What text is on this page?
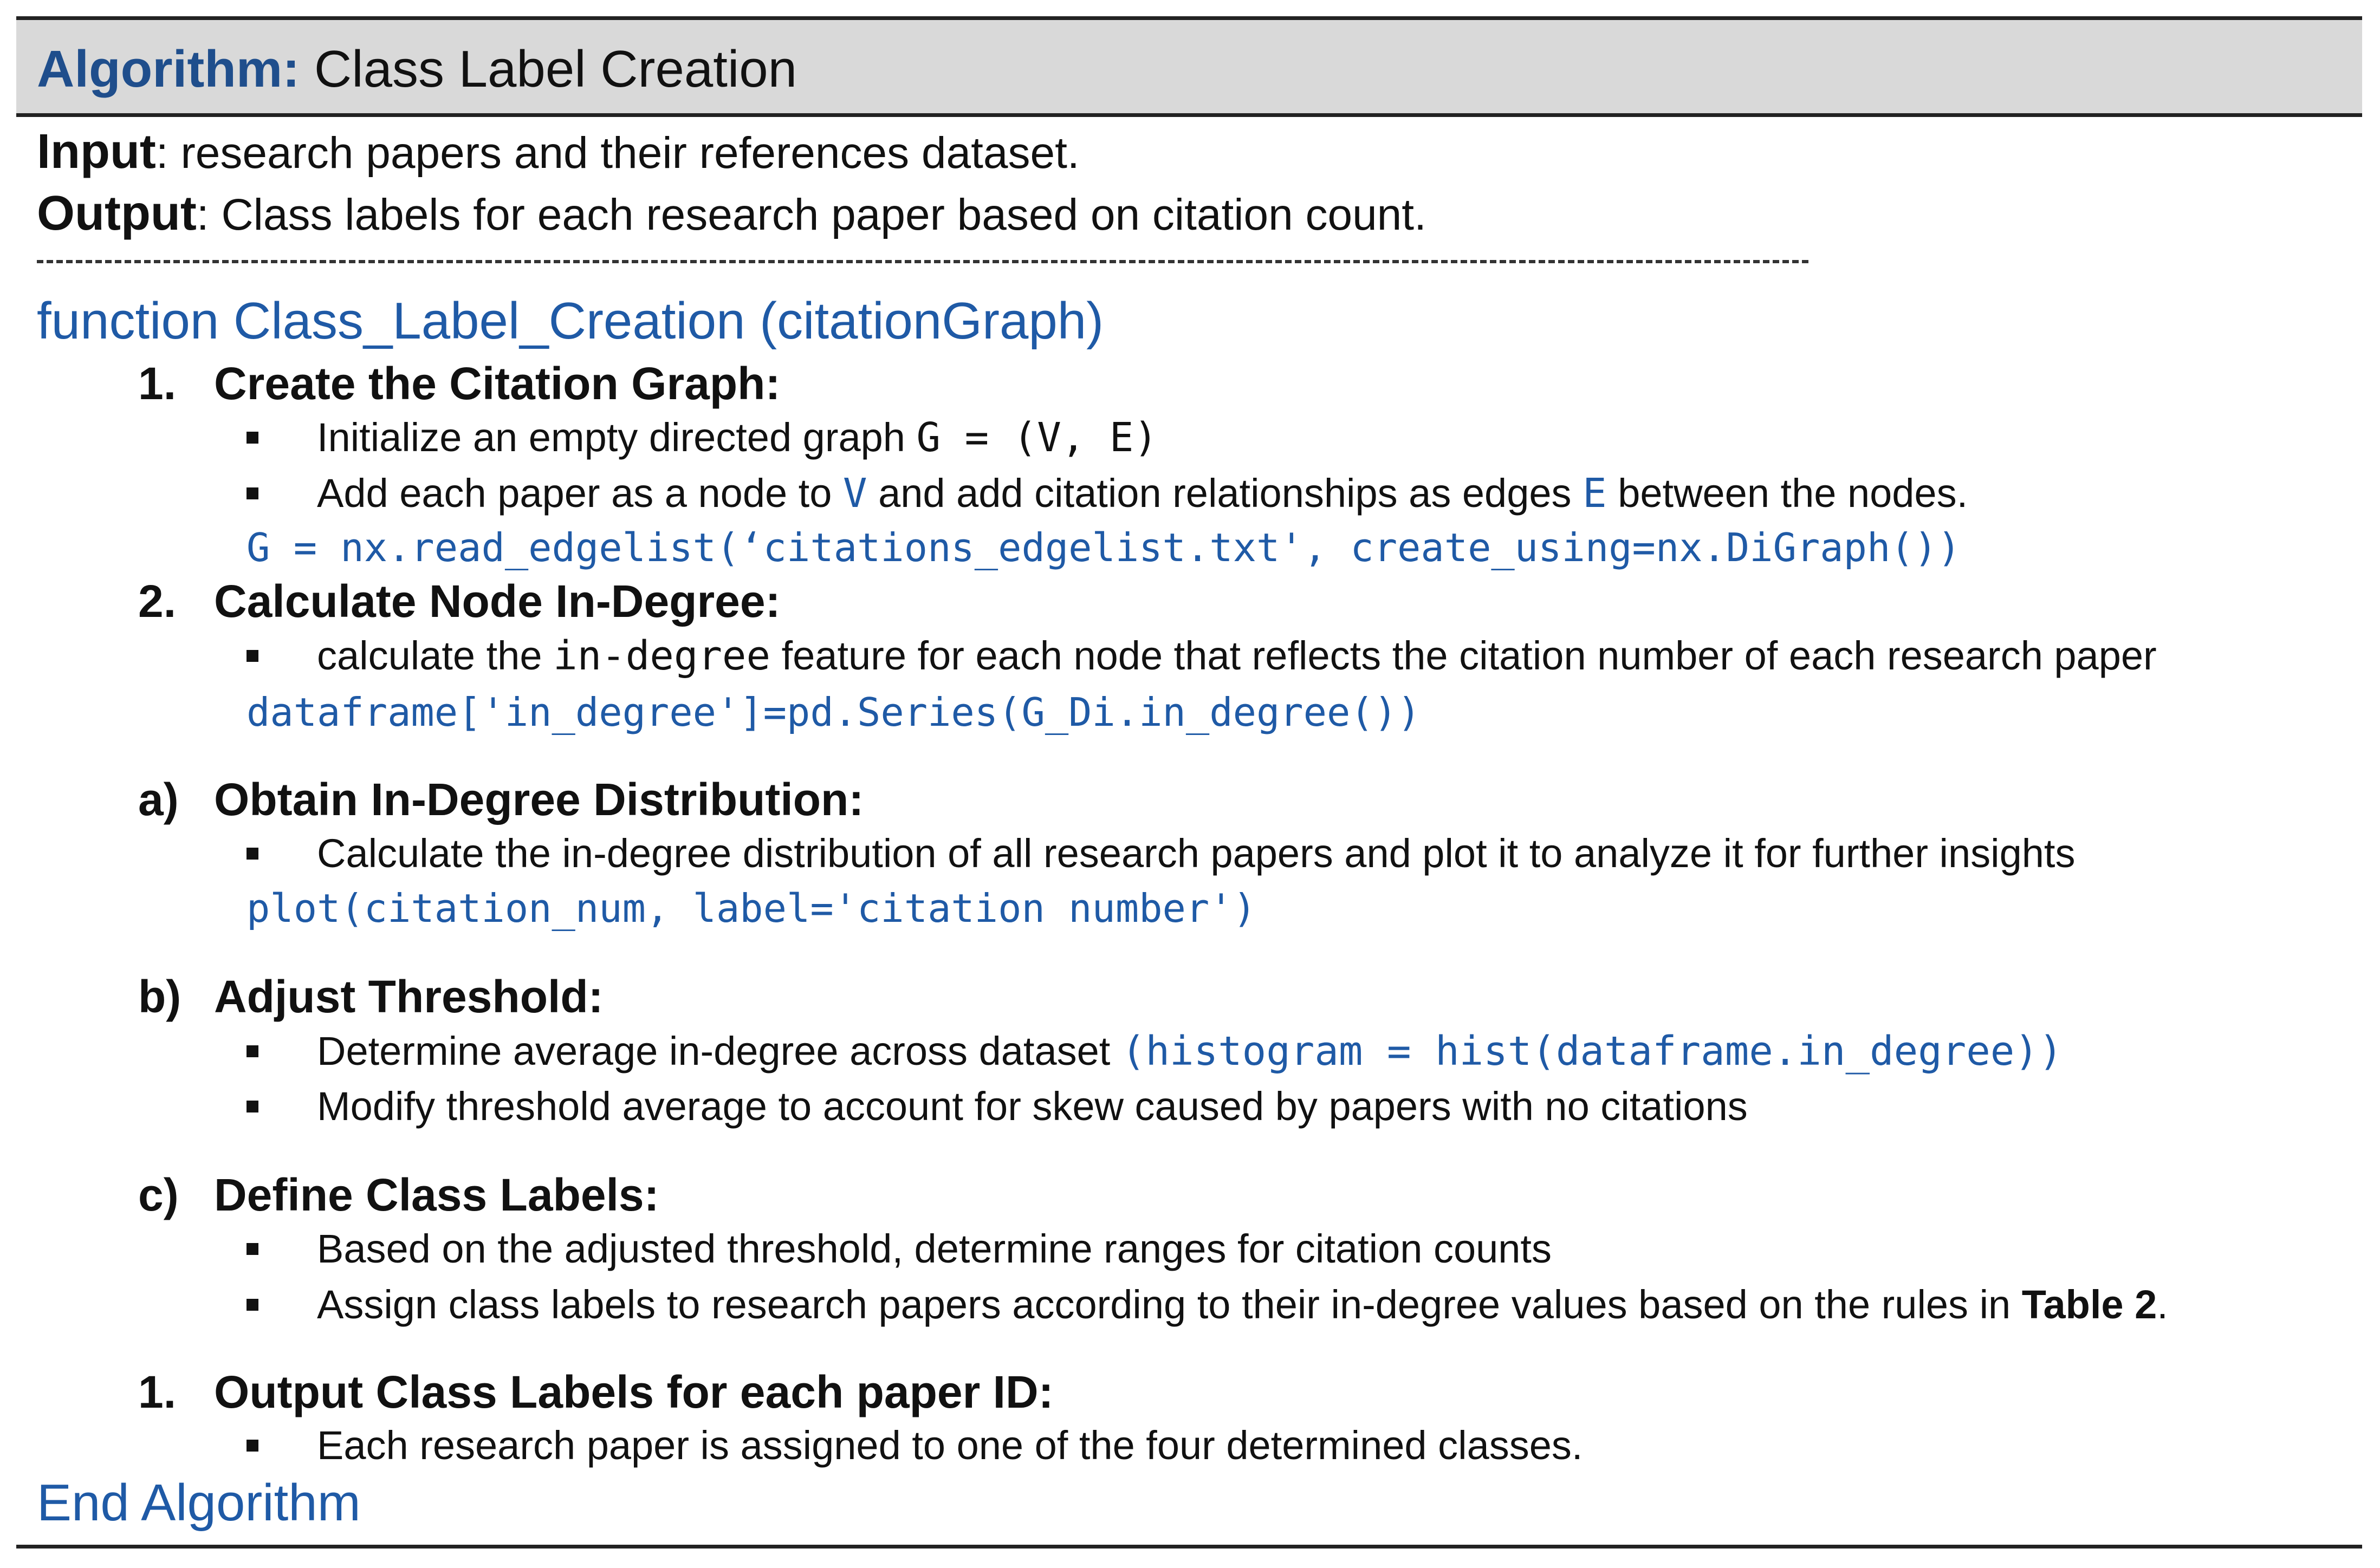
Algorithm: Class Label Creation
Input: research papers and their references dataset.
Output: Class labels for each research paper based on citation count.
function Class_Label_Creation (citationGraph)
1. Create the Citation Graph:
Initialize an empty directed graph G = (V, E)
Add each paper as a node to V and add citation relationships as edges E between the nodes.
G = nx.read_edgelist(‘citations_edgelist.txt', create_using=nx.DiGraph())
2. Calculate Node In-Degree:
calculate the in-degree feature for each node that reflects the citation number of each research paper
dataframe['in_degree']=pd.Series(G_Di.in_degree())
a) Obtain In-Degree Distribution:
Calculate the in-degree distribution of all research papers and plot it to analyze it for further insights
plot(citation_num, label='citation number')
b) Adjust Threshold:
Determine average in-degree across dataset (histogram = hist(dataframe.in_degree))
Modify threshold average to account for skew caused by papers with no citations
c) Define Class Labels:
Based on the adjusted threshold, determine ranges for citation counts
Assign class labels to research papers according to their in-degree values based on the rules in Table 2.
1. Output Class Labels for each paper ID:
Each research paper is assigned to one of the four determined classes.
End Algorithm
